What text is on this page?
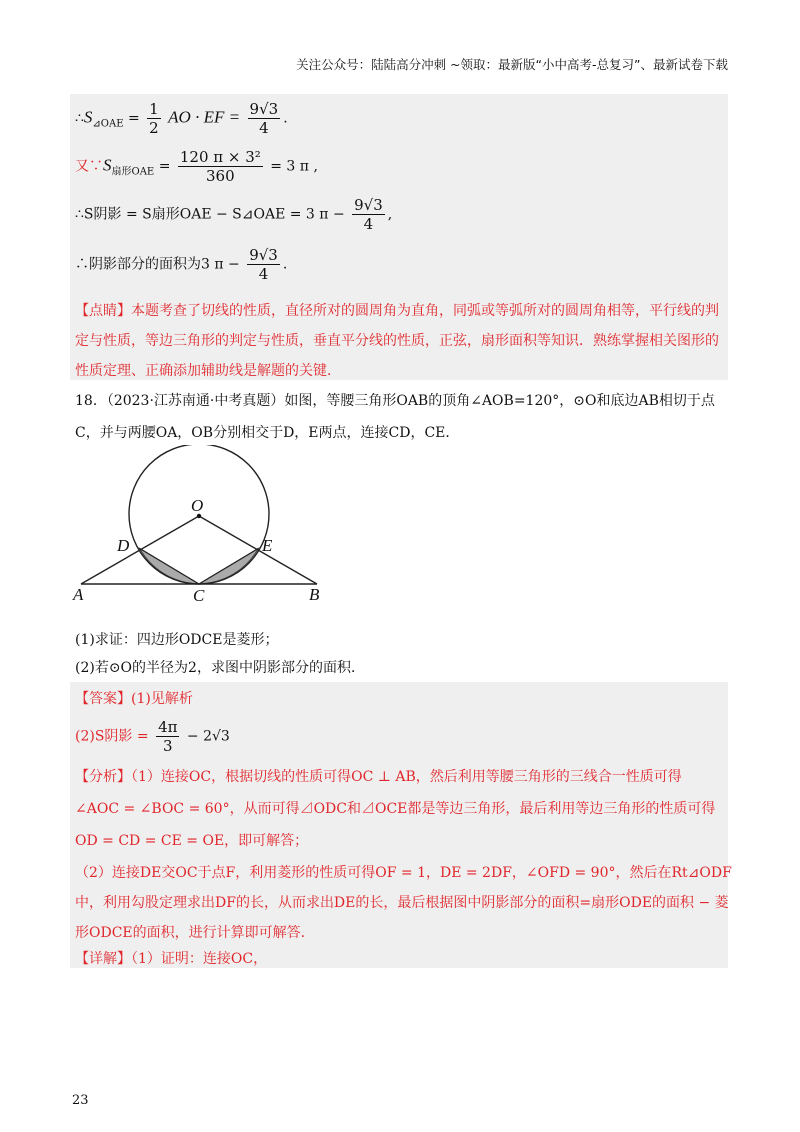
关注公众号：陆陆高分冲刺 ~领取：最新版“小中高考-总复习”、最新试卷下载
$\therefore S_{⊿OAE} = \frac{1}{2}$ AO · EF = $\frac{9√3}{4}$ .
又$\because S_{扇形OAE} = \frac{\text{120 π × 3²}}{360} = 3$ π ,
∴S阴影 = S扇形OAE − S⊿OAE = 3 $\pi - \frac{9√3}{4}$ ,
∴阴影部分的面积为3 $\pi - \frac{9√3}{4}$ .
【点睛】本题考查了切线的性质，直径所对的圆周角为直角，同弧或等弧所对的圆周角相等，平行线的判
定与性质，等边三角形的判定与性质，垂直平分线的性质，正弦，扇形面积等知识．熟练掌握相关图形的
性质定理、正确添加辅助线是解题的关键．
18．（2023·江苏南通·中考真题）如图，等腰三角形OAB的顶角∠AOB=120°，⊙O和底边AB相切于点
C，并与两腰OA，OB分别相交于D，E两点，连接CD，CE．
O
D	E
A	C	B
(1)求证：四边形ODCE是菱形；
(2)若⊙O的半径为2，求图中阴影部分的面积．
【答案】(1)见解析
(2)S阴影 = $\frac{4\pi}{3} - 2√3$
【分析】（1）连接OC，根据切线的性质可得OC ⊥ AB，然后利用等腰三角形的三线合一性质可得
∠AOC = ∠BOC = 60°，从而可得⊿ODC和⊿OCE都是等边三角形，最后利用等边三角形的性质可得
OD = CD = CE = OE，即可解答；
（2）连接DE交OC于点F，利用菱形的性质可得OF = 1，DE = 2DF，∠OFD = 90°，然后在Rt⊿ODF
中，利用勾股定理求出DF的长，从而求出DE的长，最后根据图中阴影部分的面积=扇形ODE的面积 − 菱
形ODCE的面积，进行计算即可解答．
【详解】（1）证明：连接OC，
23
